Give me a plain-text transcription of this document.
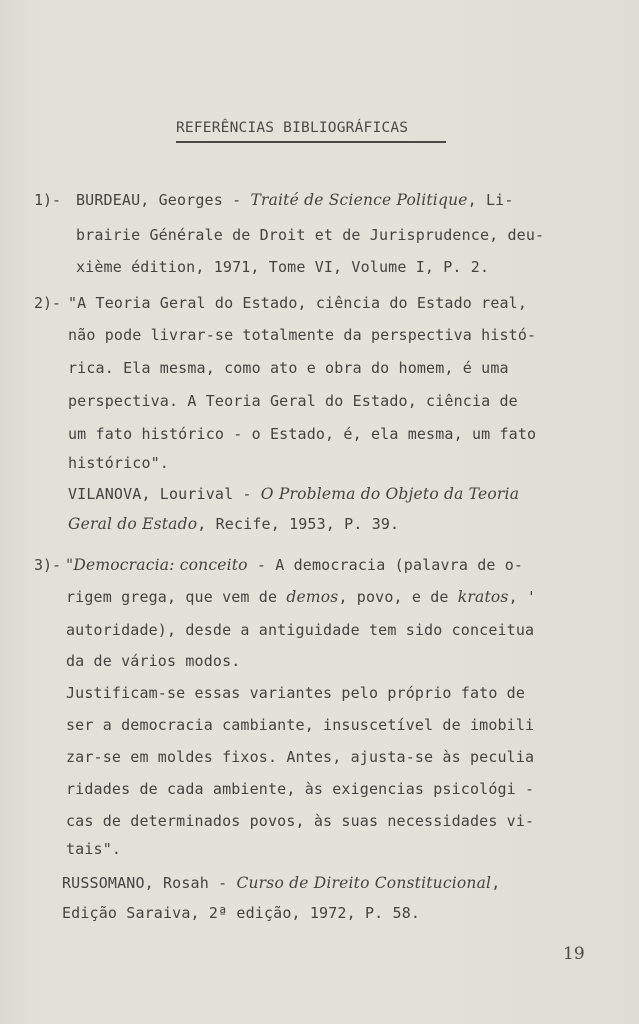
REFERÊNCIAS BIBLIOGRÁFICAS
1)- BURDEAU, Georges - Traité de Science Politique, Li-
brairie Générale de Droit et de Jurisprudence, deu-
xième édition, 1971, Tome VI, Volume I, P. 2.
2)- "A Teoria Geral do Estado, ciência do Estado real,
não pode livrar-se totalmente da perspectiva histó-
rica. Ela mesma, como ato e obra do homem, é uma
perspectiva. A Teoria Geral do Estado, ciência de
um fato histórico - o Estado, é, ela mesma, um fato
histórico".
VILANOVA, Lourival - O Problema do Objeto da Teoria
Geral do Estado, Recife, 1953, P. 39.
3)- "Democracia: conceito - A democracia (palavra de o-
rigem grega, que vem de demos, povo, e de kratos, '
autoridade), desde a antiguidade tem sido conceitua
da de vários modos.
Justificam-se essas variantes pelo próprio fato de
ser a democracia cambiante, insuscetível de imobili
zar-se em moldes fixos. Antes, ajusta-se às peculia
ridades de cada ambiente, às exigencias psicológi -
cas de determinados povos, às suas necessidades vi-
tais".
RUSSOMANO, Rosah - Curso de Direito Constitucional,
Edição Saraiva, 2ª edição, 1972, P. 58.
19
